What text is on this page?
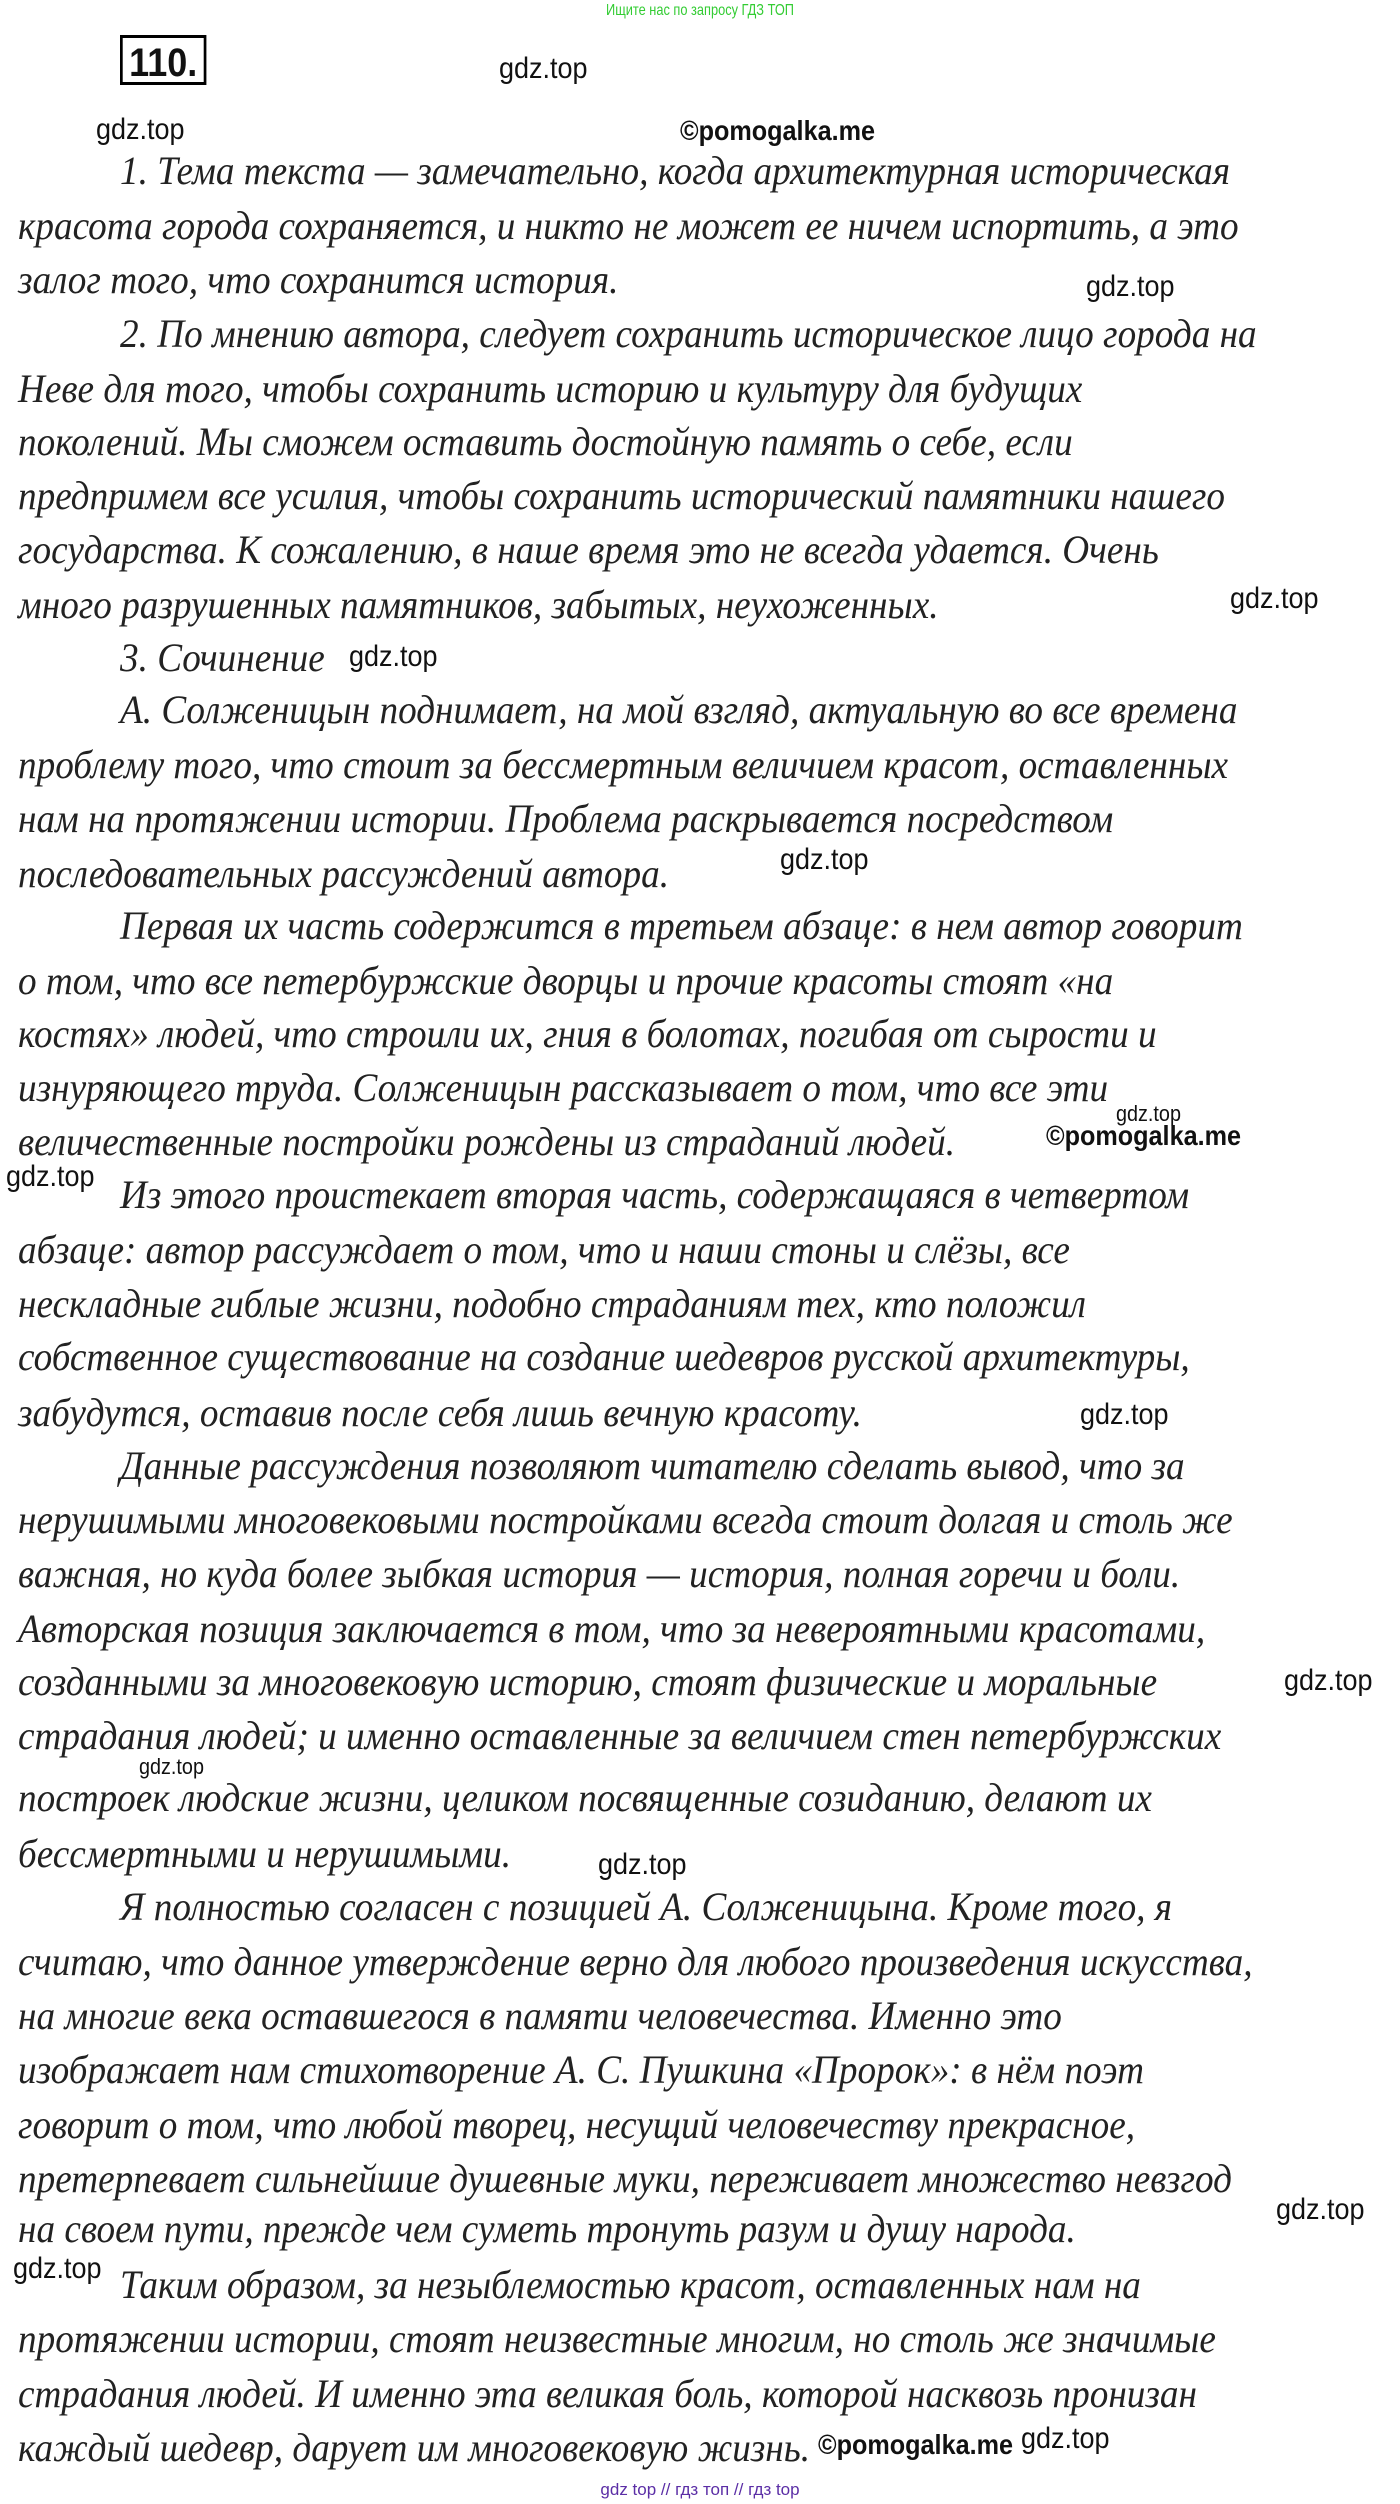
Ищите нас по запросу ГДЗ ТОП
110.
1. Тема текста — замечательно, когда архитектурная историческая
красота города сохраняется, и никто не может ее ничем испортить, а это
залог того, что сохранится история.
2. По мнению автора, следует сохранить историческое лицо города на
Неве для того, чтобы сохранить историю и культуру для будущих
поколений. Мы сможем оставить достойную память о себе, если
предпримем все усилия, чтобы сохранить исторический памятники нашего
государства. К сожалению, в наше время это не всегда удается. Очень
много разрушенных памятников, забытых, неухоженных.
3. Сочинение
А. Солженицын поднимает, на мой взгляд, актуальную во все времена
проблему того, что стоит за бессмертным величием красот, оставленных
нам на протяжении истории. Проблема раскрывается посредством
последовательных рассуждений автора.
Первая их часть содержится в третьем абзаце: в нем автор говорит
о том, что все петербуржские дворцы и прочие красоты стоят «на
костях» людей, что строили их, гния в болотах, погибая от сырости и
изнуряющего труда. Солженицын рассказывает о том, что все эти
величественные постройки рождены из страданий людей.
Из этого проистекает вторая часть, содержащаяся в четвертом
абзаце: автор рассуждает о том, что и наши стоны и слёзы, все
нескладные гиблые жизни, подобно страданиям тех, кто положил
собственное существование на создание шедевров русской архитектуры,
забудутся, оставив после себя лишь вечную красоту.
Данные рассуждения позволяют читателю сделать вывод, что за
нерушимыми многовековыми постройками всегда стоит долгая и столь же
важная, но куда более зыбкая история — история, полная горечи и боли.
Авторская позиция заключается в том, что за невероятными красотами,
созданными за многовековую историю, стоят физические и моральные
страдания людей; и именно оставленные за величием стен петербуржских
построек людские жизни, целиком посвященные созиданию, делают их
бессмертными и нерушимыми.
Я полностью согласен с позицией А. Солженицына. Кроме того, я
считаю, что данное утверждение верно для любого произведения искусства,
на многие века оставшегося в памяти человечества. Именно это
изображает нам стихотворение А. С. Пушкина «Пророк»: в нём поэт
говорит о том, что любой творец, несущий человечеству прекрасное,
претерпевает сильнейшие душевные муки, переживает множество невзгод
на своем пути, прежде чем суметь тронуть разум и душу народа.
Таким образом, за незыблемостью красот, оставленных нам на
протяжении истории, стоят неизвестные многим, но столь же значимые
страдания людей. И именно эта великая боль, которой насквозь пронизан
каждый шедевр, дарует им многовековую жизнь.
gdz.top
gdz.top	©pomogalka.me
gdz.top
gdz.top
gdz.top
gdz.top
gdz.top
©pomogalka.me
gdz.top
gdz.top
gdz.top
gdz.top
gdz.top
gdz.top
gdz.top
©pomogalka.me gdz.top
gdz top // гдз топ // гдз top
